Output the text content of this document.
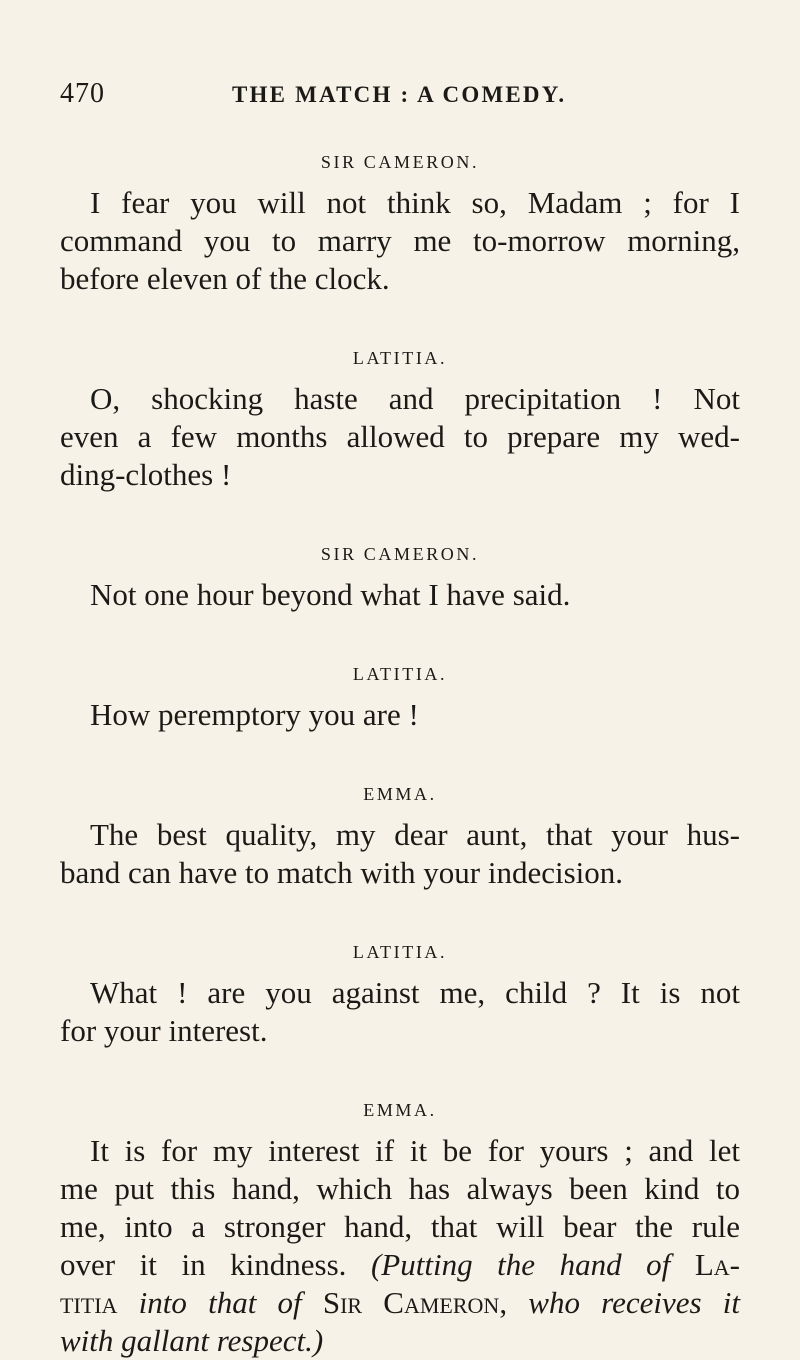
470	THE MATCH : A COMEDY.
SIR CAMERON.
I fear you will not think so, Madam ; for I
command you to marry me to-morrow morning,
before eleven of the clock.
LATITIA.
O, shocking haste and precipitation ! Not
even a few months allowed to prepare my wed-
ding-clothes !
SIR CAMERON.
Not one hour beyond what I have said.
LATITIA.
How peremptory you are !
EMMA.
The best quality, my dear aunt, that your hus-
band can have to match with your indecision.
LATITIA.
What ! are you against me, child ? It is not
for your interest.
EMMA.
It is for my interest if it be for yours ; and let
me put this hand, which has always been kind to
me, into a stronger hand, that will bear the rule
over it in kindness. (Putting the hand of La-
titia into that of Sir Cameron, who receives it
with gallant respect.)
